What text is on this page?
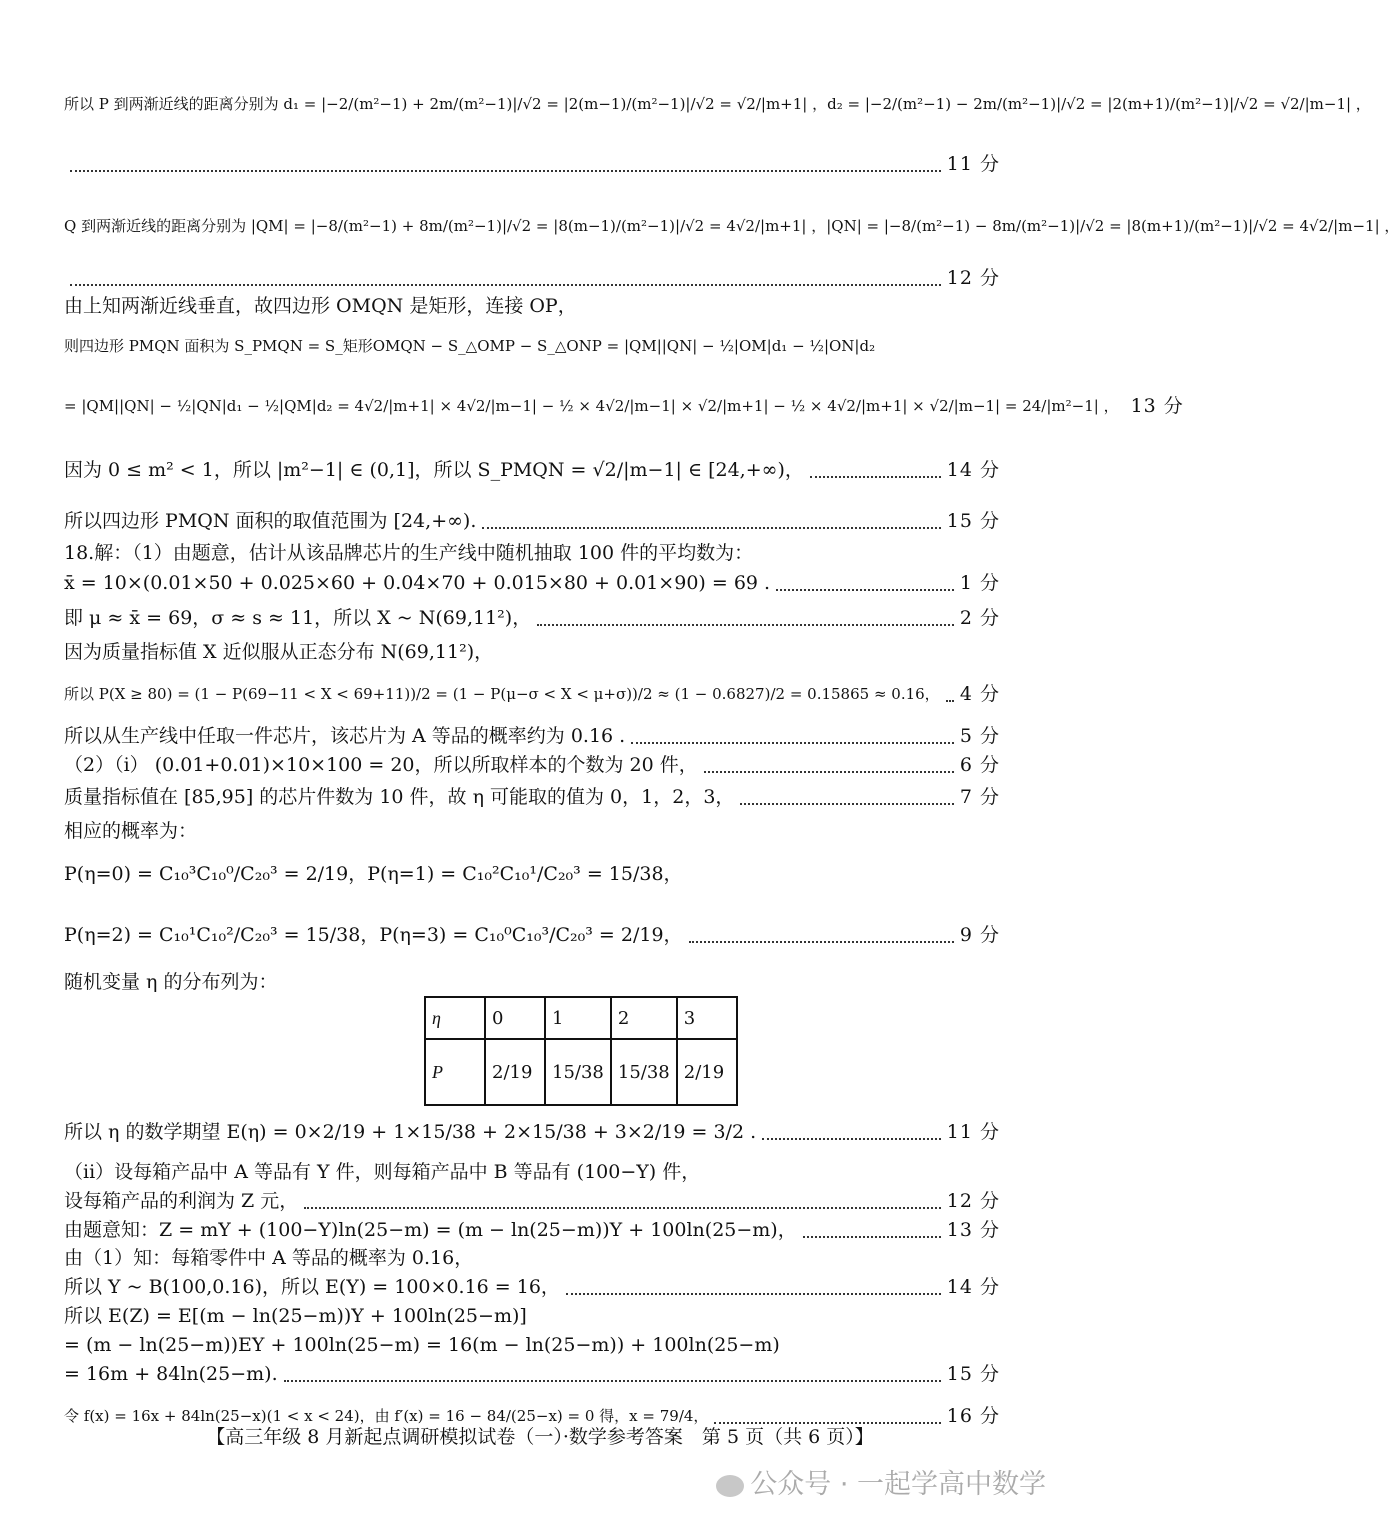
所以 P 到两渐近线的距离分别为 d₁ = |−2/(m²−1) + 2m/(m²−1)|/√2 = |2(m−1)/(m²−1)|/√2 = √2/|m+1| ，d₂ = |−2/(m²−1) − 2m/(m²−1)|/√2 = |2(m+1)/(m²−1)|/√2 = √2/|m−1| ，
11 分
Q 到两渐近线的距离分别为 |QM| = |−8/(m²−1) + 8m/(m²−1)|/√2 = |8(m−1)/(m²−1)|/√2 = 4√2/|m+1| ，|QN| = |−8/(m²−1) − 8m/(m²−1)|/√2 = |8(m+1)/(m²−1)|/√2 = 4√2/|m−1| ，
12 分
由上知两渐近线垂直，故四边形 OMQN 是矩形，连接 OP，
则四边形 PMQN 面积为 S_PMQN = S_矩形OMQN − S_△OMP − S_△ONP = |QM||QN| − ½|OM|d₁ − ½|ON|d₂
= |QM||QN| − ½|QN|d₁ − ½|QM|d₂ = 4√2/|m+1| × 4√2/|m−1| − ½ × 4√2/|m−1| × √2/|m+1| − ½ × 4√2/|m+1| × √2/|m−1| = 24/|m²−1| ， 13 分
因为 0 ≤ m² < 1，所以 |m²−1| ∈ (0,1]，所以 S_PMQN = √2/|m−1| ∈ [24,+∞)，	14 分
所以四边形 PMQN 面积的取值范围为 [24,+∞).	15 分
18.解：（1）由题意，估计从该品牌芯片的生产线中随机抽取 100 件的平均数为：
x̄ = 10×(0.01×50 + 0.025×60 + 0.04×70 + 0.015×80 + 0.01×90) = 69 .	1 分
即 μ ≈ x̄ = 69，σ ≈ s ≈ 11，所以 X ~ N(69,11²)，	2 分
因为质量指标值 X 近似服从正态分布 N(69,11²)，
所以 P(X ≥ 80) = (1 − P(69−11 < X < 69+11))/2 = (1 − P(μ−σ < X < μ+σ))/2 ≈ (1 − 0.6827)/2 = 0.15865 ≈ 0.16， 4 分
所以从生产线中任取一件芯片，该芯片为 A 等品的概率约为 0.16 .	5 分
（2）（i） (0.01+0.01)×10×100 = 20，所以所取样本的个数为 20 件，	6 分
质量指标值在 [85,95] 的芯片件数为 10 件，故 η 可能取的值为 0，1，2，3，	7 分
相应的概率为：
P(η=0) = C₁₀³C₁₀⁰/C₂₀³ = 2/19，P(η=1) = C₁₀²C₁₀¹/C₂₀³ = 15/38，
P(η=2) = C₁₀¹C₁₀²/C₂₀³ = 15/38，P(η=3) = C₁₀⁰C₁₀³/C₂₀³ = 2/19，	9 分
随机变量 η 的分布列为：
所以 η 的数学期望 E(η) = 0×2/19 + 1×15/38 + 2×15/38 + 3×2/19 = 3/2 .	11 分
（ii）设每箱产品中 A 等品有 Y 件，则每箱产品中 B 等品有 (100−Y) 件，
设每箱产品的利润为 Z 元，	12 分
由题意知：Z = mY + (100−Y)ln(25−m) = (m − ln(25−m))Y + 100ln(25−m)，	13 分
由（1）知：每箱零件中 A 等品的概率为 0.16，
所以 Y ~ B(100,0.16)，所以 E(Y) = 100×0.16 = 16，	14 分
所以 E(Z) = E[(m − ln(25−m))Y + 100ln(25−m)]
= (m − ln(25−m))EY + 100ln(25−m) = 16(m − ln(25−m)) + 100ln(25−m)
= 16m + 84ln(25−m).	15 分
令 f(x) = 16x + 84ln(25−x)(1 < x < 24)，由 f′(x) = 16 − 84/(25−x) = 0 得，x = 79/4，	16 分
η	0	1	2	3
P	2/19	15/38	15/38	2/19
【高三年级 8 月新起点调研模拟试卷（一）·数学参考答案　第 5 页（共 6 页）】
公众号 · 一起学高中数学
